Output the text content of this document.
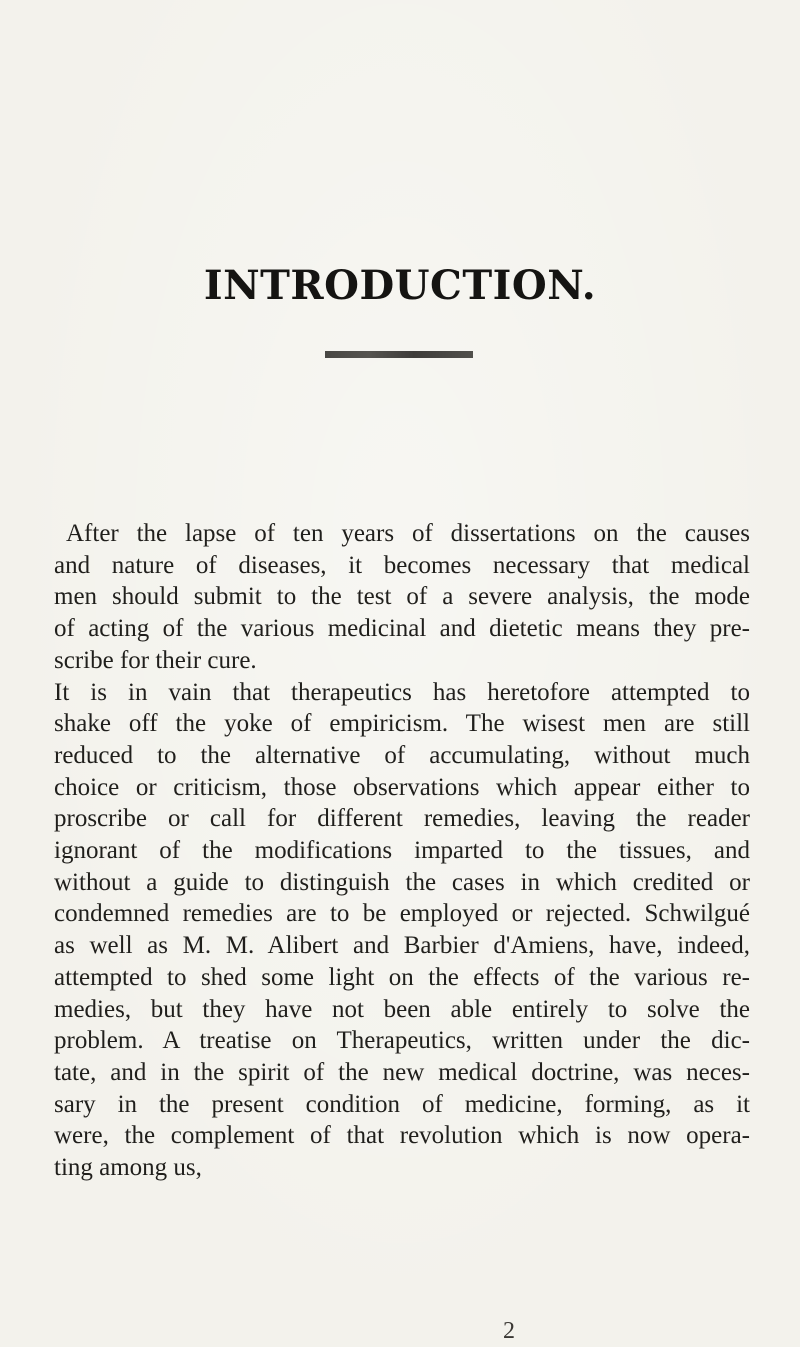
INTRODUCTION.
After the lapse of ten years of dissertations on the causes
and nature of diseases, it becomes necessary that medical
men should submit to the test of a severe analysis, the mode
of acting of the various medicinal and dietetic means they pre-
scribe for their cure.
It is in vain that therapeutics has heretofore attempted to
shake off the yoke of empiricism. The wisest men are still
reduced to the alternative of accumulating, without much
choice or criticism, those observations which appear either to
proscribe or call for different remedies, leaving the reader
ignorant of the modifications imparted to the tissues, and
without a guide to distinguish the cases in which credited or
condemned remedies are to be employed or rejected. Schwilgué
as well as M. M. Alibert and Barbier d'Amiens, have, indeed,
attempted to shed some light on the effects of the various re-
medies, but they have not been able entirely to solve the
problem. A treatise on Therapeutics, written under the dic-
tate, and in the spirit of the new medical doctrine, was neces-
sary in the present condition of medicine, forming, as it
were, the complement of that revolution which is now opera-
ting among us,
2
